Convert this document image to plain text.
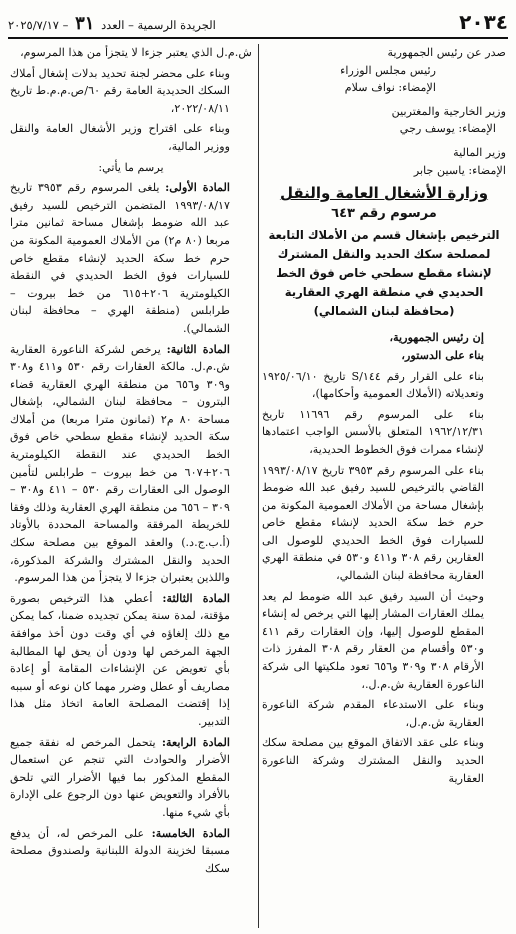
٢٠٣٤
الجريدة الرسمية – العدد ٣١ – ٢٠٢٥/٧/١٧
صدر عن رئيس الجمهورية
رئيس مجلس الوزراء
الإمضاء: نواف سلام
وزير الخارجية والمغتربين
الإمضاء: يوسف رجي
وزير المالية
الإمضاء: ياسين جابر
وزارة الأشغال العامة والنقل
مرسوم رقم ٦٤٣
الترخيص بإشغال قسم من الأملاك التابعة لمصلحة سكك الحديد والنقل المشترك لإنشاء مقطع سطحي خاص فوق الخط الحديدي في منطقة الهري العقارية (محافظة لبنان الشمالي)
إن رئيس الجمهورية،
بناء على الدستور،

بناء على القرار رقم ١٤٤/S تاريخ ١٩٢٥/٠٦/١٠ وتعديلاته (الأملاك العمومية وأحكامها)،

بناء على المرسوم رقم ١١٦٩٦ تاريخ ١٩٦٢/١٢/٣١ المتعلق بالأسس الواجب اعتمادها لإنشاء ممرات فوق الخطوط الحديدية،

بناء على المرسوم رقم ٣٩٥٣ تاريخ ١٩٩٣/٠٨/١٧ القاضي بالترخيص للسيد رفيق عبد الله ضومط بإشغال مساحة من الأملاك العمومية المكونة من حرم خط سكة الحديد لإنشاء مقطع خاص للسيارات فوق الخط الحديدي للوصول الى العقارين رقم ٣٠٨ و٤١١ و٥٣٠ في منطقة الهري العقارية محافظة لبنان الشمالي،

وحيث أن السيد رفيق عبد الله ضومط لم يعد يملك العقارات المشار إليها التي يرخص له إنشاء المقطع للوصول إليها، وإن العقارات رقم ٤١١ و٥٣٠ وأقسام من العقار رقم ٣٠٨ المفرز ذات الأرقام ٣٠٨ و٣٠٩ و٦٥٦ تعود ملكيتها الى شركة الناعورة العقارية ش.م.ل.،

وبناء على الاستدعاء المقدم شركة الناعورة العقارية ش.م.ل،

وبناء على عقد الاتفاق الموقع بين مصلحة سكك الحديد والنقل المشترك وشركة الناعورة العقارية

ش.م.ل الذي يعتبر جزءا لا يتجزأ من هذا المرسوم،

وبناء على محضر لجنة تحديد بدلات إشغال أملاك السكك الحديدية العامة رقم ٦٠/ص.م.م.ط تاريخ ٢٠٢٢/٠٨/١١،

وبناء على اقتراح وزير الأشغال العامة والنقل ووزير المالية،

يرسم ما يأتي:

المادة الأولى: يلغى المرسوم رقم ٣٩٥٣ تاريخ ١٩٩٣/٠٨/١٧ المتضمن الترخيص للسيد رفيق عبد الله ضومط بإشغال مساحة ثمانين مترا مربعا (٨٠ م٢) من الأملاك العمومية المكونة من حرم خط سكة الحديد لإنشاء مقطع خاص للسيارات فوق الخط الحديدي في النقطة الكيلومترية ٢٠٦+٦١٥ من خط بيروت – طرابلس (منطقة الهري – محافظة لبنان الشمالي).

المادة الثانية: يرخص لشركة الناعورة العقارية ش.م.ل. مالكة العقارات رقم ٥٣٠ و٤١١ و٣٠٨ و٣٠٩ و٦٥٦ من منطقة الهري العقارية قضاء البترون – محافظة لبنان الشمالي، بإشغال مساحة ٨٠ م٢ (ثمانون مترا مربعا) من أملاك سكة الحديد لإنشاء مقطع سطحي خاص فوق الخط الحديدي عند النقطة الكيلومترية ٢٠٦+٦٠٧ من خط بيروت – طرابلس لتأمين الوصول الى العقارات رقم ٥٣٠ – ٤١١ و٣٠٨ – ٣٠٩ – ٦٥٦ من منطقة الهري العقارية وذلك وفقا للخريطة المرفقة والمساحة المحددة بالأوتاد (أ.ب.ج.د.) والعقد الموقع بين مصلحة سكك الحديد والنقل المشترك والشركة المذكورة، واللذين يعتبران جزءا لا يتجزأ من هذا المرسوم.

المادة الثالثة: أعطي هذا الترخيص بصورة مؤقتة، لمدة سنة يمكن تجديده ضمنا، كما يمكن مع ذلك إلغاؤه في أي وقت دون أخذ موافقة الجهة المرخص لها ودون أن يحق لها المطالبة بأي تعويض عن الإنشاءات المقامة أو إعادة مصاريف أو عطل وضرر مهما كان نوعه أو سببه إذا إقتضت المصلحة العامة اتخاذ مثل هذا التدبير.

المادة الرابعة: يتحمل المرخص له نفقة جميع الأضرار والحوادث التي تنجم عن استعمال المقطع المذكور بما فيها الأضرار التي تلحق بالأفراد والتعويض عنها دون الرجوع على الإدارة بأي شيء منها.

المادة الخامسة: على المرخص له، أن يدفع مسبقا لخزينة الدولة اللبنانية ولصندوق مصلحة سكك
